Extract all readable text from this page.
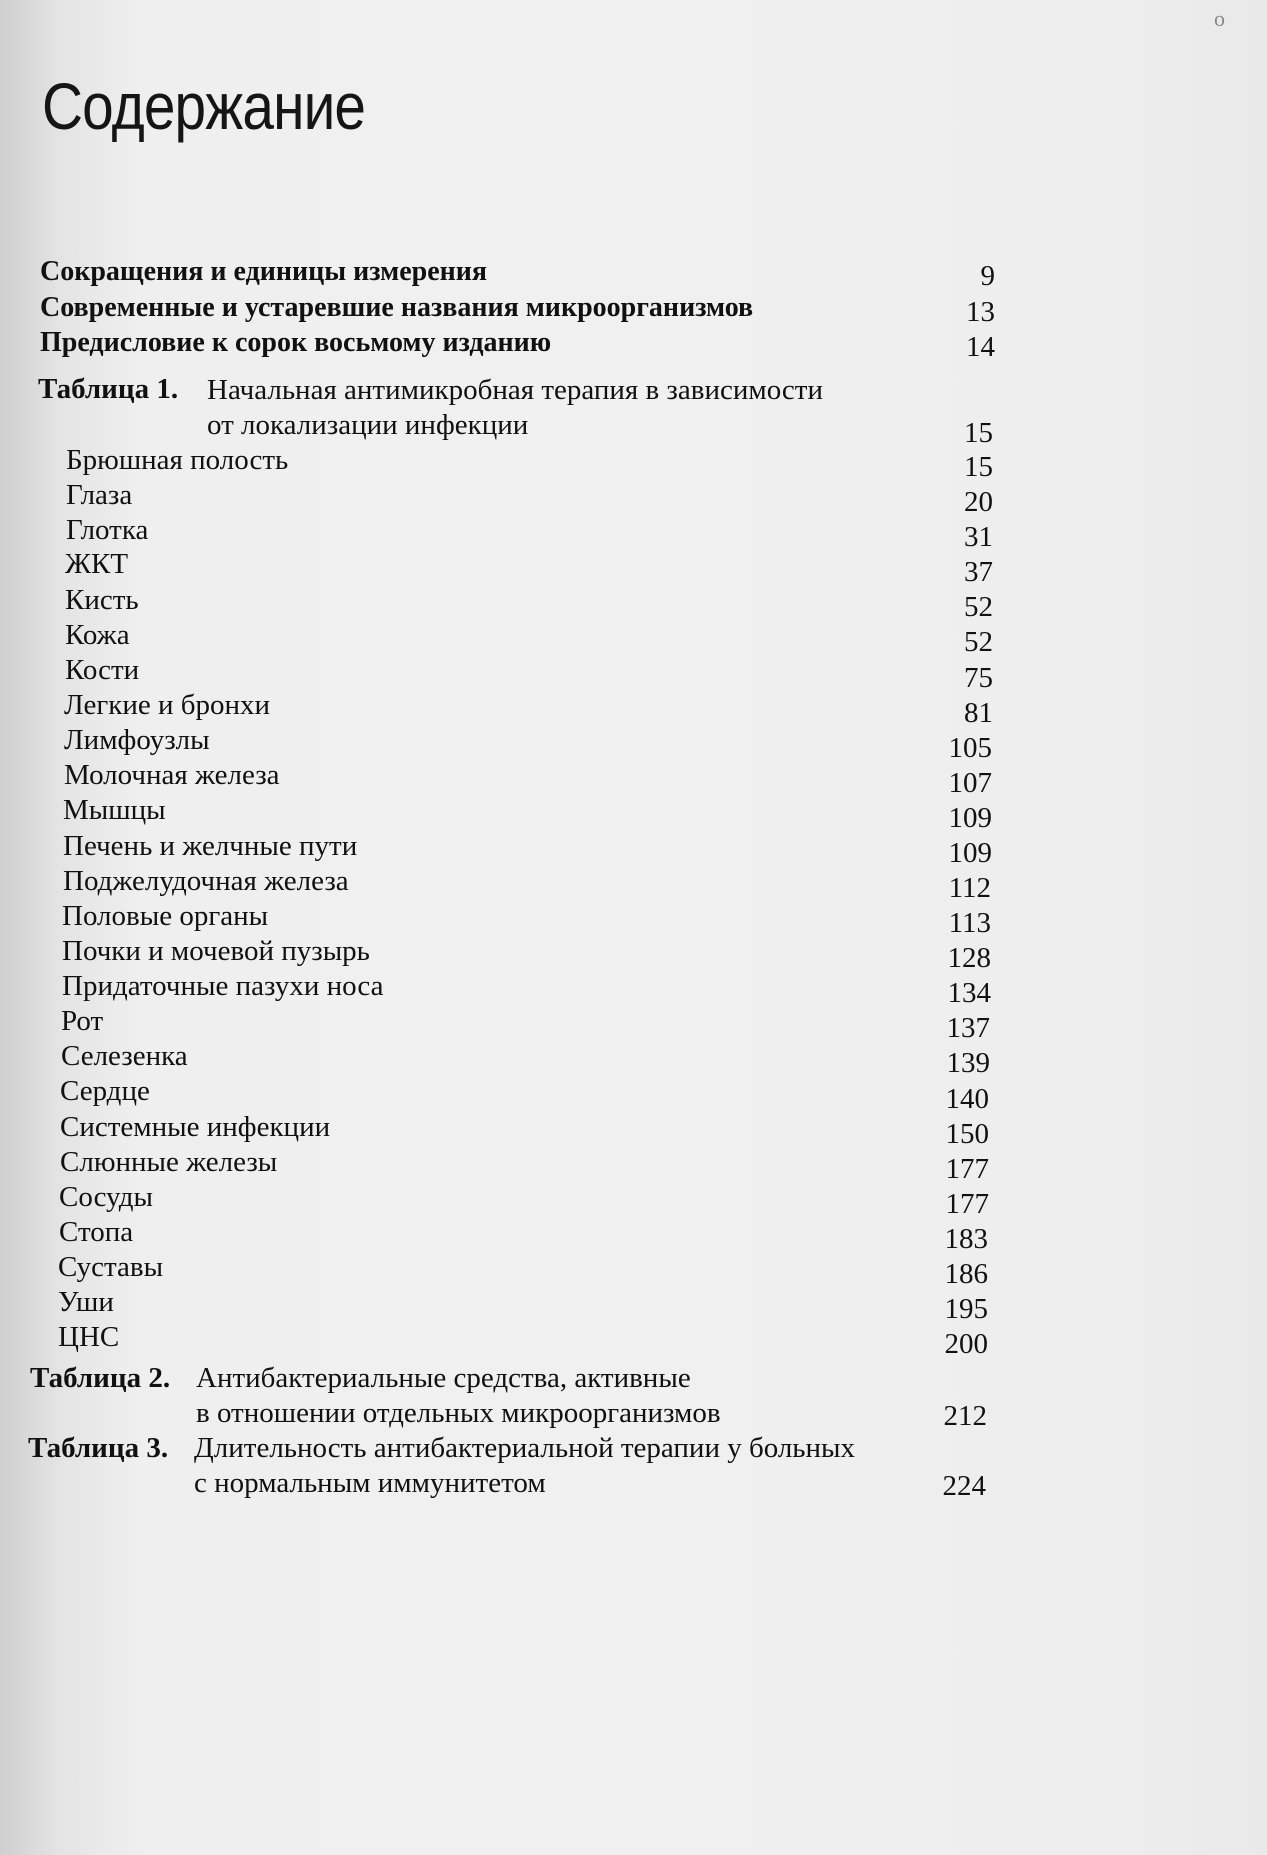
о
Содержание
Сокращения и единицы измерения	9
Современные и устаревшие названия микроорганизмов	13
Предисловие к сорок восьмому изданию	14
Таблица 1. Начальная антимикробная терапия в зависимости
от локализации инфекции	15
Брюшная полость	15
Глаза	20
Глотка	31
ЖКТ	37
Кисть	52
Кожа	52
Кости	75
Легкие и бронхи	81
Лимфоузлы	105
Молочная железа	107
Мышцы	109
Печень и желчные пути	109
Поджелудочная железа	112
Половые органы	113
Почки и мочевой пузырь	128
Придаточные пазухи носа	134
Рот	137
Селезенка	139
Сердце	140
Системные инфекции	150
Слюнные железы	177
Сосуды	177
Стопа	183
Суставы	186
Уши	195
ЦНС	200
Таблица 2. Антибактериальные средства, активные
в отношении отдельных микроорганизмов	212
Таблица 3. Длительность антибактериальной терапии у больных
с нормальным иммунитетом	224
